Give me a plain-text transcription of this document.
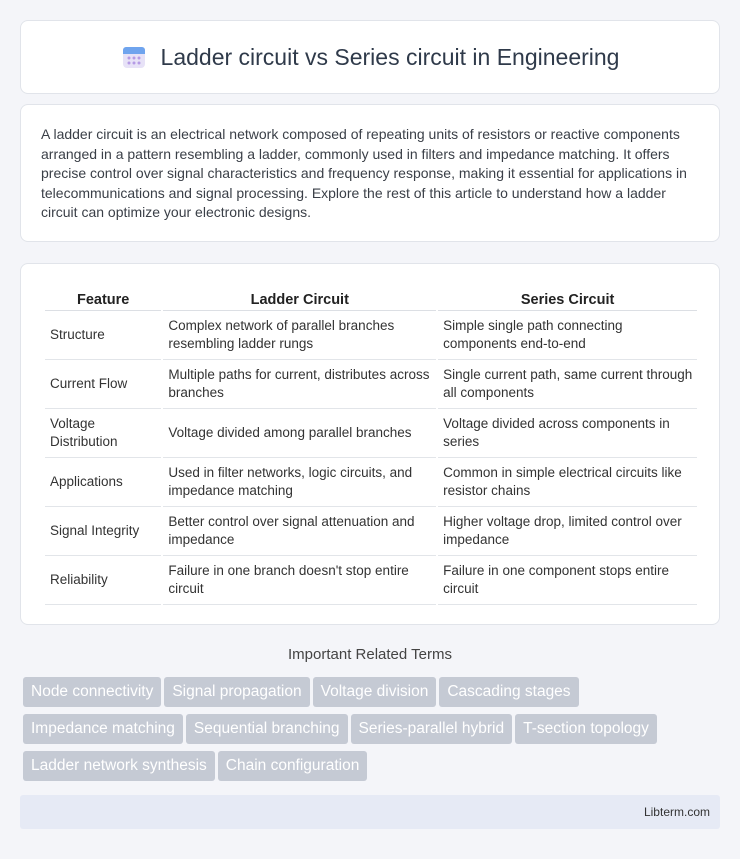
Ladder circuit vs Series circuit in Engineering

A ladder circuit is an electrical network composed of repeating units of resistors or reactive components arranged in a pattern resembling a ladder, commonly used in filters and impedance matching. It offers precise control over signal characteristics and frequency response, making it essential for applications in telecommunications and signal processing. Explore the rest of this article to understand how a ladder circuit can optimize your electronic designs.

Feature	Ladder Circuit	Series Circuit
Structure	Complex network of parallel branches resembling ladder rungs	Simple single path connecting components end-to-end
Current Flow	Multiple paths for current, distributes across branches	Single current path, same current through all components
Voltage Distribution	Voltage divided among parallel branches	Voltage divided across components in series
Applications	Used in filter networks, logic circuits, and impedance matching	Common in simple electrical circuits like resistor chains
Signal Integrity	Better control over signal attenuation and impedance	Higher voltage drop, limited control over impedance
Reliability	Failure in one branch doesn't stop entire circuit	Failure in one component stops entire circuit
Important Related Terms
Node connectivity Signal propagation Voltage division Cascading stages
Impedance matching Sequential branching Series-parallel hybrid T-section topology
Ladder network synthesis Chain configuration
Libterm.com
